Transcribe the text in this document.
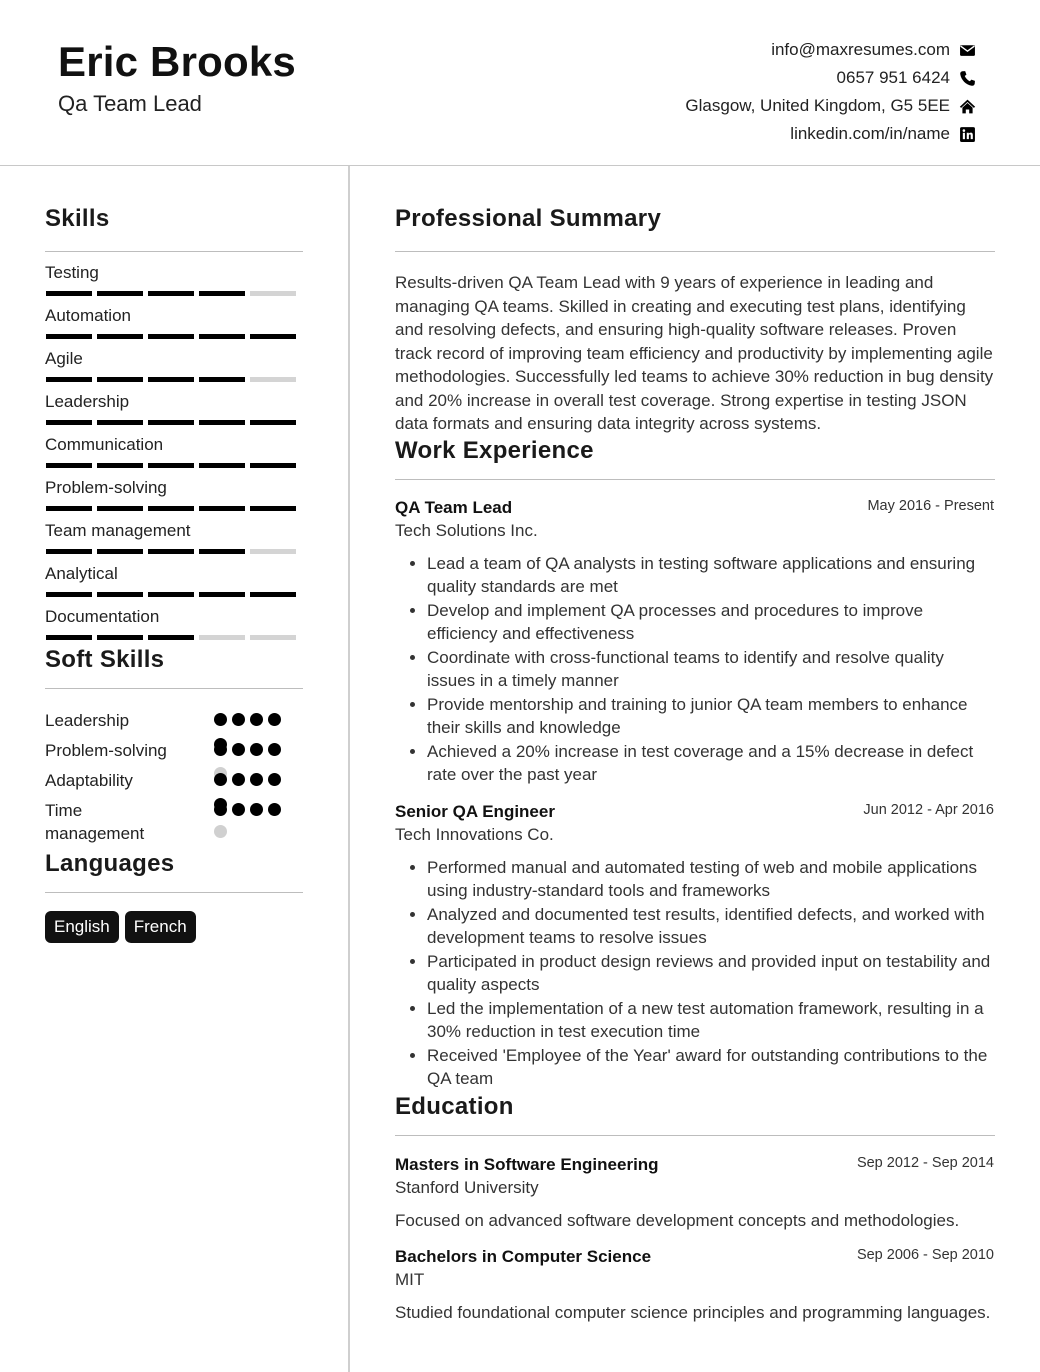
Eric Brooks
Qa Team Lead
info@maxresumes.com
0657 951 6424
Glasgow, United Kingdom, G5 5EE
linkedin.com/in/name
Skills
Testing
Automation
Agile
Leadership
Communication
Problem-solving
Team management
Analytical
Documentation
Soft Skills
Leadership
Problem-solving
Adaptability
Time management
Languages
English	French
Professional Summary
Results-driven QA Team Lead with 9 years of experience in leading and managing QA teams. Skilled in creating and executing test plans, identifying and resolving defects, and ensuring high-quality software releases. Proven track record of improving team efficiency and productivity by implementing agile methodologies. Successfully led teams to achieve 30% reduction in bug density and 20% increase in overall test coverage. Strong expertise in testing JSON data formats and ensuring data integrity across systems.
Work Experience
QA Team Lead	May 2016 - Present
Tech Solutions Inc.
• Lead a team of QA analysts in testing software applications and ensuring quality standards are met
• Develop and implement QA processes and procedures to improve efficiency and effectiveness
• Coordinate with cross-functional teams to identify and resolve quality issues in a timely manner
• Provide mentorship and training to junior QA team members to enhance their skills and knowledge
• Achieved a 20% increase in test coverage and a 15% decrease in defect rate over the past year
Senior QA Engineer	Jun 2012 - Apr 2016
Tech Innovations Co.
• Performed manual and automated testing of web and mobile applications using industry-standard tools and frameworks
• Analyzed and documented test results, identified defects, and worked with development teams to resolve issues
• Participated in product design reviews and provided input on testability and quality aspects
• Led the implementation of a new test automation framework, resulting in a 30% reduction in test execution time
• Received 'Employee of the Year' award for outstanding contributions to the QA team
Education
Masters in Software Engineering	Sep 2012 - Sep 2014
Stanford University
Focused on advanced software development concepts and methodologies.
Bachelors in Computer Science	Sep 2006 - Sep 2010
MIT
Studied foundational computer science principles and programming languages.
